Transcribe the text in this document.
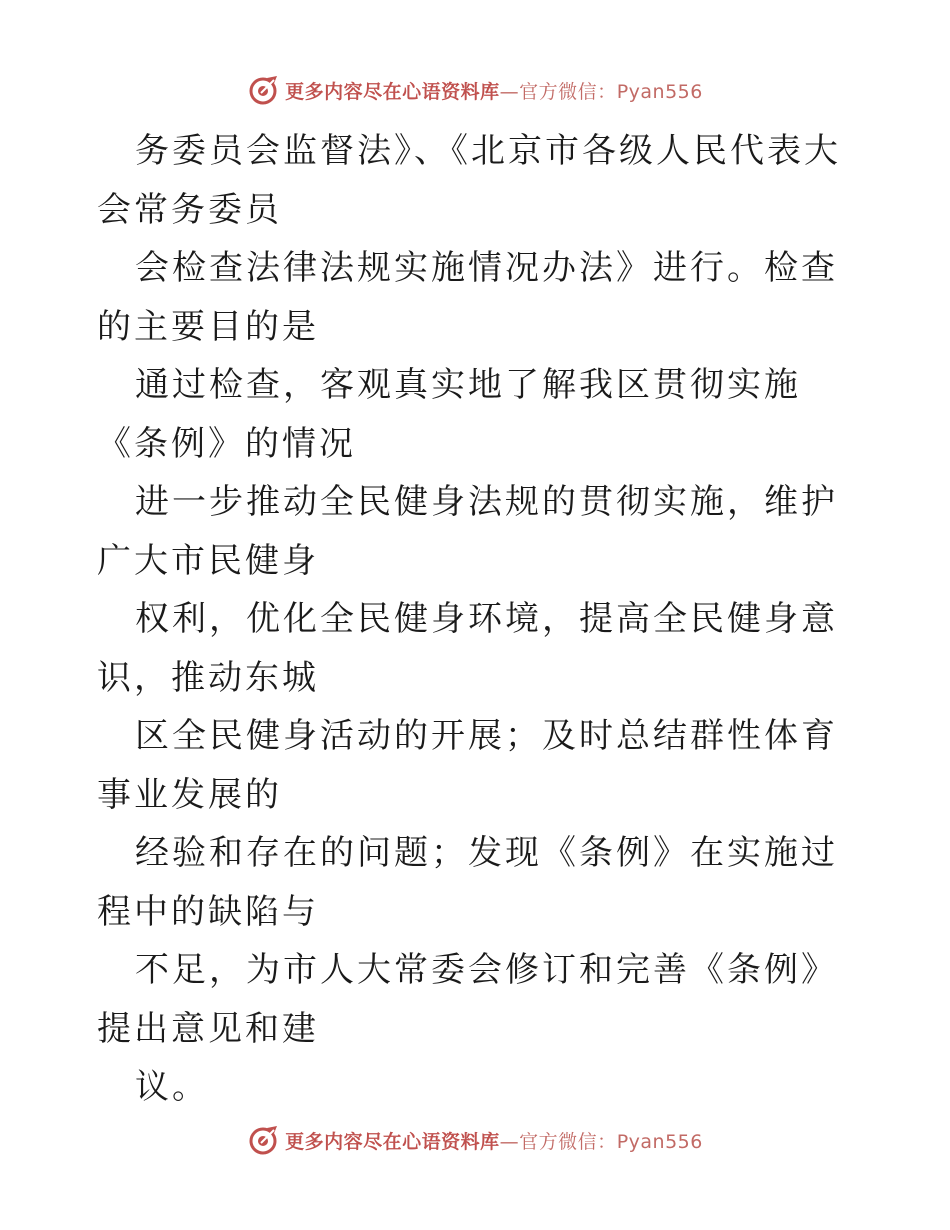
更多内容尽在心语资料库—官方微信：Pyan556

务委员会监督法》、《北京市各级人民代表大会常务委员

会检查法律法规实施情况办法》进行。检查的主要目的是

通过检查，客观真实地了解我区贯彻实施《条例》的情况

进一步推动全民健身法规的贯彻实施，维护广大市民健身

权利，优化全民健身环境，提高全民健身意识，推动东城

区全民健身活动的开展；及时总结群性体育事业发展的

经验和存在的问题；发现《条例》在实施过程中的缺陷与

不足，为市人大常委会修订和完善《条例》提出意见和建

议。

更多内容尽在心语资料库—官方微信：Pyan556
